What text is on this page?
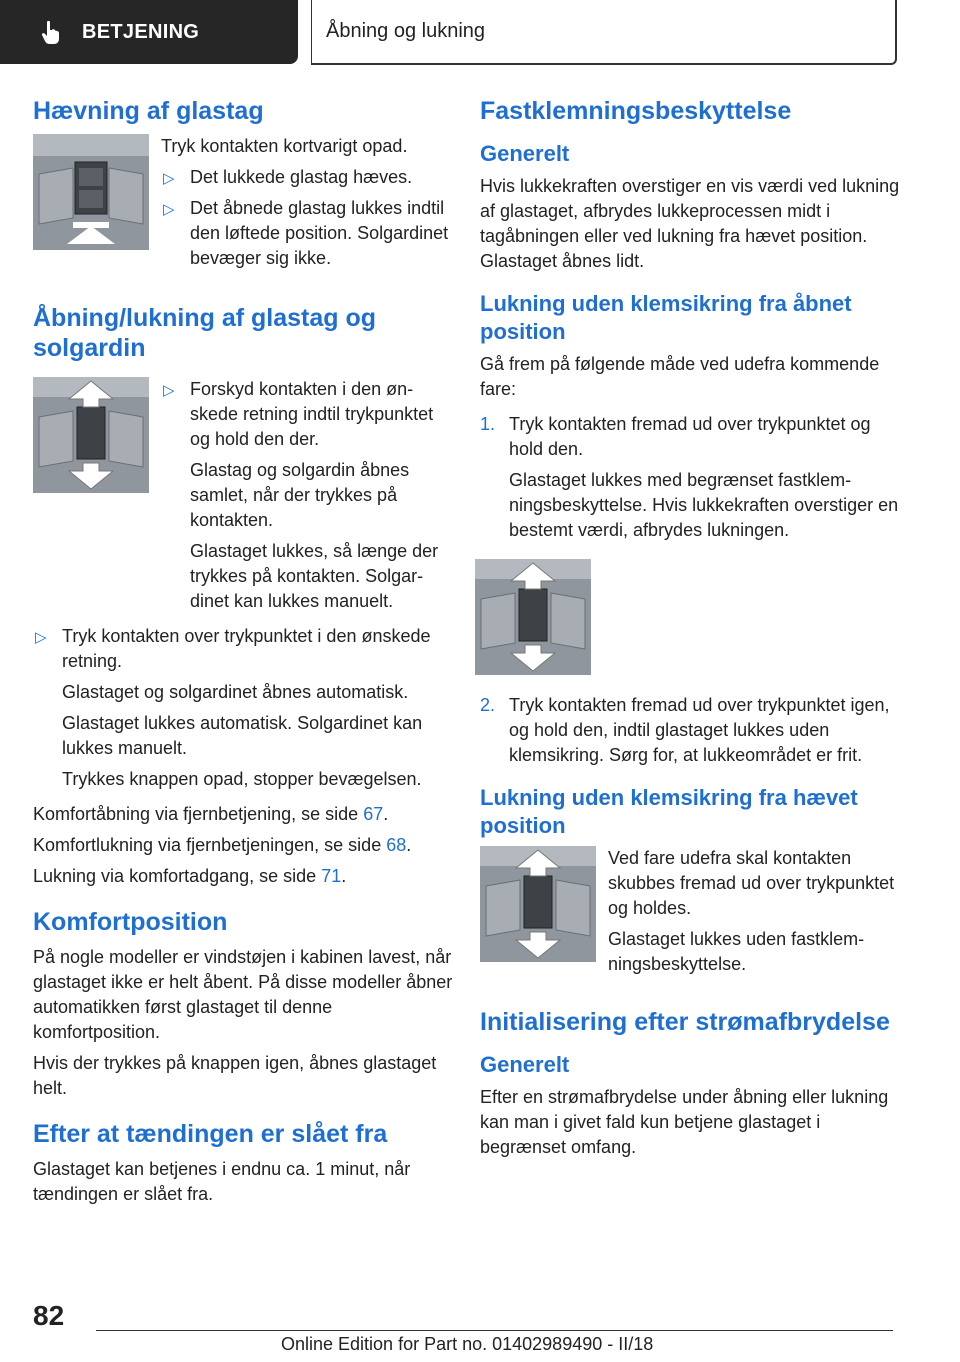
BETJENING	Åbning og lukning
Hævning af glastag

Tryk kontakten kortvarigt opad.

▷ Det lukkede glastag hæves.
▷ Det åbnede glastag lukkes indtil den løftede position. Solgardinet bevæger sig ikke.
Åbning/lukning af glastag og solgardin
▷ Forskyd kontakten i den ønskede retning indtil trykpunktet og hold den der.

Glastag og solgardin åbnes samlet, når der trykkes på kontakten.

Glastaget lukkes, så længe der trykkes på kontakten. Solgardinet kan lukkes manuelt.

▷ Tryk kontakten over trykpunktet i den ønskede retning.

Glastaget og solgardinet åbnes automatisk.

Glastaget lukkes automatisk. Solgardinet kan lukkes manuelt.

Trykkes knappen opad, stopper bevægelsen.

Komfortåbning via fjernbetjening, se side 67.

Komfortlukning via fjernbetjeningen, se side 68.

Lukning via komfortadgang, se side 71.

Komfortposition

På nogle modeller er vindstøjen i kabinen lavest, når glastaget ikke er helt åbent. På disse modeller åbner automatikken først glastaget til denne komfortposition.

Hvis der trykkes på knappen igen, åbnes glastaget helt.

Efter at tændingen er slået fra

Glastaget kan betjenes i endnu ca. 1 minut, når tændingen er slået fra.

Fastklemningsbeskyttelse
Generelt

Hvis lukkekraften overstiger en vis værdi ved lukning af glastaget, afbrydes lukkeprocessen midt i tagåbningen eller ved lukning fra hævet position. Glastaget åbnes lidt.

Lukning uden klemsikring fra åbnet position

Gå frem på følgende måde ved udefra kommende fare:

1. Tryk kontakten fremad ud over trykpunktet og hold den.

Glastaget lukkes med begrænset fastklemningsbeskyttelse. Hvis lukkekraften overstiger en bestemt værdi, afbrydes lukningen.

2. Tryk kontakten fremad ud over trykpunktet igen, og hold den, indtil glastaget lukkes uden klemsikring. Sørg for, at lukkeområdet er frit.
Lukning uden klemsikring fra hævet position

Ved fare udefra skal kontakten skubbes fremad ud over trykpunktet og holdes.

Glastaget lukkes uden fastklemningsbeskyttelse.

Initialisering efter strømafbrydelse
Generelt

Efter en strømafbrydelse under åbning eller lukning kan man i givet fald kun betjene glastaget i begrænset omfang.

82
Online Edition for Part no. 01402989490 - II/18
